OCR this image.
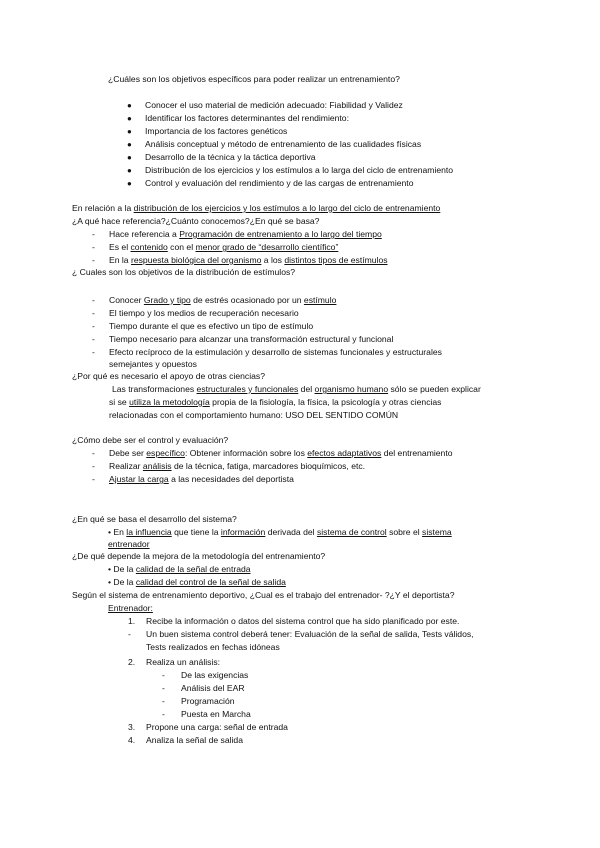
¿Cuáles son los objetivos específicos para poder realizar un entrenamiento?
● Conocer el uso material de medición adecuado: Fiabilidad y Validez
● Identificar los factores determinantes del rendimiento:
● Importancia de los factores genéticos
● Análisis conceptual y método de entrenamiento de las cualidades físicas
● Desarrollo de la técnica y la táctica deportiva
● Distribución de los ejercicios y los estímulos a lo larga del ciclo de entrenamiento
● Control y evaluación del rendimiento y de las cargas de entrenamiento
En relación a la distribución de los ejercicios y los estímulos a lo largo del ciclo de entrenamiento
¿A qué hace referencia?¿Cuánto conocemos?¿En qué se basa?
- Hace referencia a Programación de entrenamiento a lo largo del tiempo
- Es el contenido con el menor grado de “desarrollo científico”
- En la respuesta biológica del organismo a los distintos tipos de estímulos
¿ Cuales son los objetivos de la distribución de estímulos?
- Conocer Grado y tipo de estrés ocasionado por un estímulo
- El tiempo y los medios de recuperación necesario
- Tiempo durante el que es efectivo un tipo de estímulo
- Tiempo necesario para alcanzar una transformación estructural y funcional
- Efecto recíproco de la estimulación y desarrollo de sistemas funcionales y estructurales
semejantes y opuestos
¿Por qué es necesario el apoyo de otras ciencias?
Las transformaciones estructurales y funcionales del organismo humano sólo se pueden explicar
si se utiliza la metodología propia de la fisiología, la física, la psicología y otras ciencias
relacionadas con el comportamiento humano: USO DEL SENTIDO COMÚN
¿Cómo debe ser el control y evaluación?
- Debe ser específico: Obtener información sobre los efectos adaptativos del entrenamiento
- Realizar análisis de la técnica, fatiga, marcadores bioquímicos, etc.
- Ajustar la carga a las necesidades del deportista
¿En qué se basa el desarrollo del sistema?
• En la influencia que tiene la información derivada del sistema de control sobre el sistema
entrenador
¿De qué depende la mejora de la metodología del entrenamiento?
• De la calidad de la señal de entrada
• De la calidad del control de la señal de salida
Según el sistema de entrenamiento deportivo, ¿Cual es el trabajo del entrenador- ?¿Y el deportista?
Entrenador:
1. Recibe la información o datos del sistema control que ha sido planificado por este.
- Un buen sistema control deberá tener: Evaluación de la señal de salida, Tests válidos,
Tests realizados en fechas idóneas
2. Realiza un análisis:
- De las exigencias
- Análisis del EAR
- Programación
- Puesta en Marcha
3. Propone una carga: señal de entrada
4. Analiza la señal de salida
